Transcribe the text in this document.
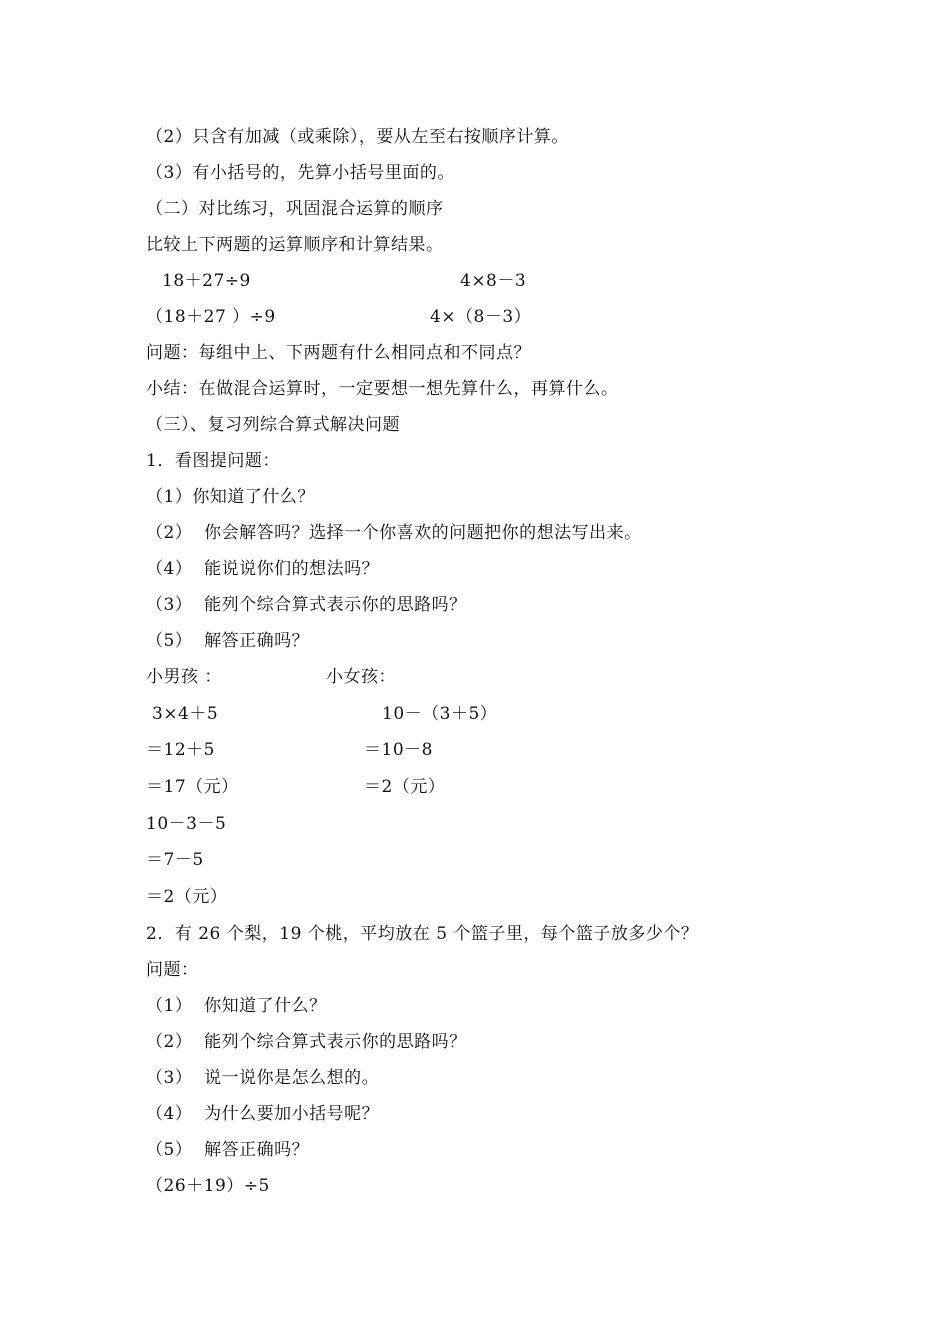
（2）只含有加减（或乘除），要从左至右按顺序计算。
（3）有小括号的，先算小括号里面的。
（二）对比练习，巩固混合运算的顺序
比较上下两题的运算顺序和计算结果。
18＋27÷9	4×8－3
（18＋27 ）÷9	4×（8－3）
问题：每组中上、下两题有什么相同点和不同点？
小结：在做混合运算时，一定要想一想先算什么，再算什么。
（三）、复习列综合算式解决问题
1．看图提问题：
（1）你知道了什么？
（2）  你会解答吗？选择一个你喜欢的问题把你的想法写出来。
（4）  能说说你们的想法吗？
（3）  能列个综合算式表示你的思路吗？
（5）  解答正确吗？
小男孩 ：	小女孩：
3×4＋5	10－（3＋5）
＝12＋5	＝10－8
＝17（元）	＝2（元）
10－3－5
＝7－5
＝2（元）
2．有 26 个梨，19 个桃，平均放在 5 个篮子里，每个篮子放多少个？
问题：
（1）  你知道了什么？
（2）  能列个综合算式表示你的思路吗？
（3）  说一说你是怎么想的。
（4）  为什么要加小括号呢？
（5）  解答正确吗？
（26＋19）÷5
